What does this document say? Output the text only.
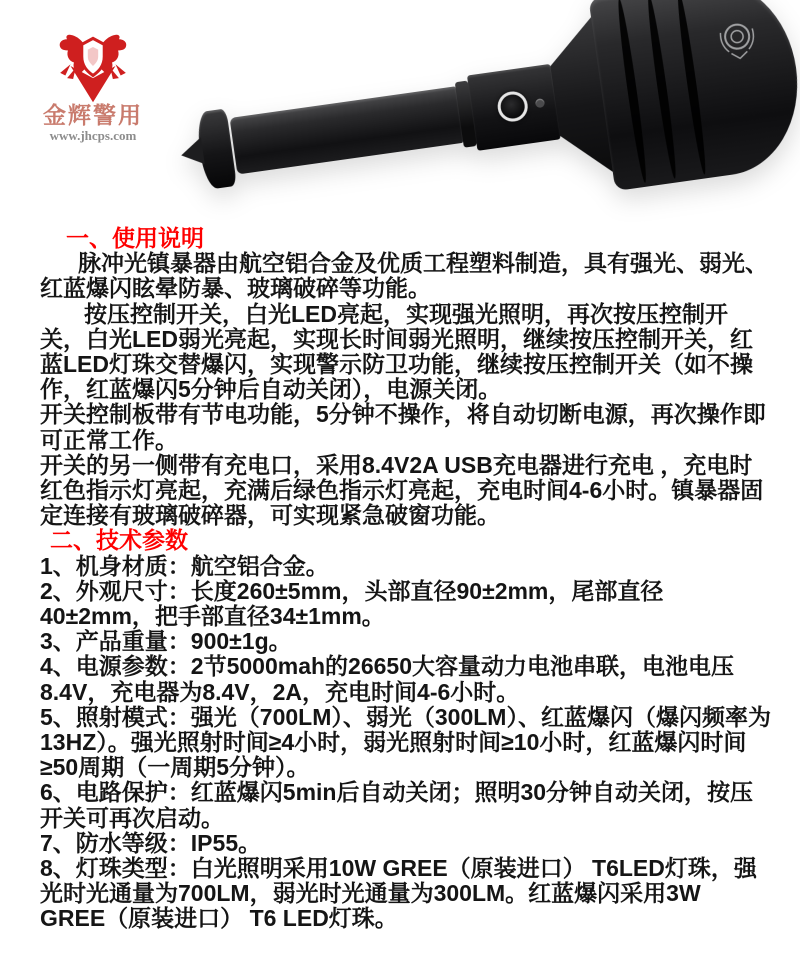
金辉警用
www.jhcps.com
一、使用说明
脉冲光镇暴器由航空铝合金及优质工程塑料制造，具有强光、弱光、红蓝爆闪眩晕防暴、玻璃破碎等功能。
按压控制开关，白光LED亮起，实现强光照明，再次按压控制开关，白光LED弱光亮起，实现长时间弱光照明，继续按压控制开关，红蓝LED灯珠交替爆闪，实现警示防卫功能，继续按压控制开关（如不操作，红蓝爆闪5分钟后自动关闭），电源关闭。
开关控制板带有节电功能，5分钟不操作，将自动切断电源，再次操作即可正常工作。
开关的另一侧带有充电口，采用8.4V2A USB充电器进行充电 ，充电时红色指示灯亮起，充满后绿色指示灯亮起，充电时间4-6小时。镇暴器固定连接有玻璃破碎器，可实现紧急破窗功能。
二、技术参数
1、机身材质：航空铝合金。
2、外观尺寸：长度260±5mm，头部直径90±2mm，尾部直径40±2mm，把手部直径34±1mm。
3、产品重量：900±1g。
4、电源参数：2节5000mah的26650大容量动力电池串联，电池电压8.4V，充电器为8.4V，2A，充电时间4-6小时。
5、照射模式：强光（700LM）、弱光（300LM）、红蓝爆闪（爆闪频率为13HZ）。强光照射时间≥4小时，弱光照射时间≥10小时，红蓝爆闪时间≥50周期（一周期5分钟）。
6、电路保护：红蓝爆闪5min后自动关闭；照明30分钟自动关闭，按压开关可再次启动。
7、防水等级：IP55。
8、灯珠类型：白光照明采用10W GREE（原装进口） T6LED灯珠，强光时光通量为700LM，弱光时光通量为300LM。红蓝爆闪采用3W GREE（原装进口） T6 LED灯珠。
